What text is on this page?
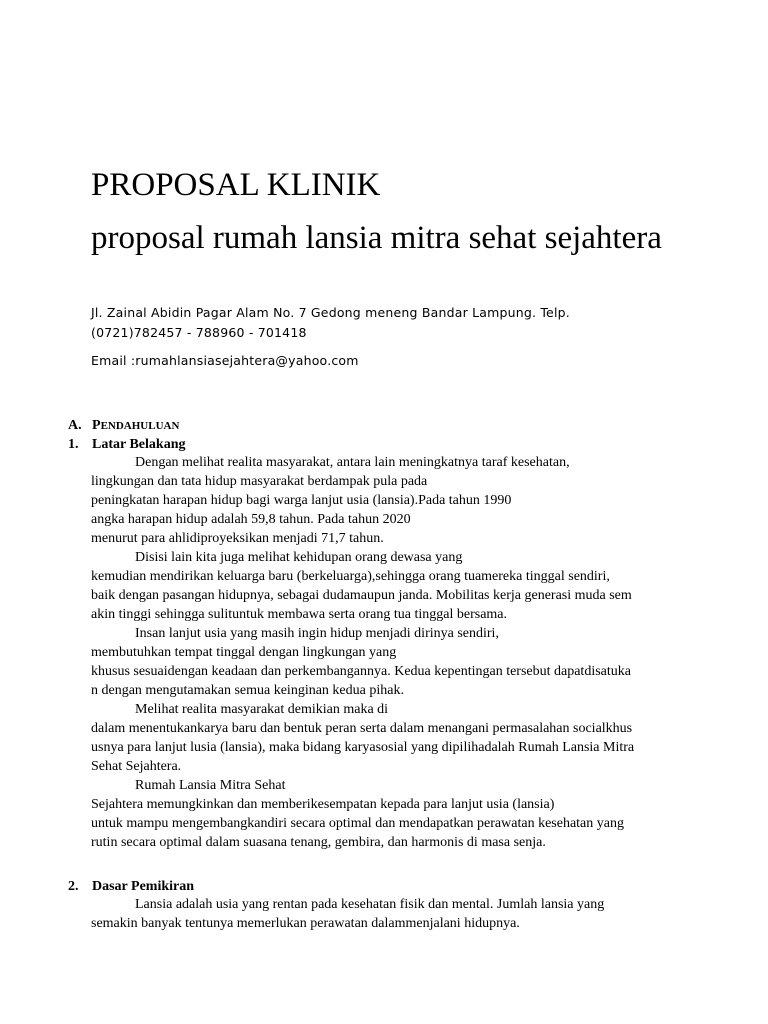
PROPOSAL KLINIK
proposal rumah lansia mitra sehat sejahtera
Jl. Zainal Abidin Pagar Alam No. 7 Gedong meneng Bandar Lampung. Telp.
(0721)782457 - 788960 - 701418
Email :rumahlansiasejahtera@yahoo.com
A. PENDAHULUAN
1. Latar Belakang
Dengan melihat realita masyarakat, antara lain meningkatnya taraf kesehatan,
lingkungan dan tata hidup masyarakat berdampak pula pada
peningkatan harapan hidup bagi warga lanjut usia (lansia).Pada tahun 1990
angka harapan hidup adalah 59,8 tahun. Pada tahun 2020
menurut para ahlidiproyeksikan menjadi 71,7 tahun.
Disisi lain kita juga melihat kehidupan orang dewasa yang
kemudian mendirikan keluarga baru (berkeluarga),sehingga orang tuamereka tinggal sendiri,
baik dengan pasangan hidupnya, sebagai dudamaupun janda. Mobilitas kerja generasi muda sem
akin tinggi sehingga sulituntuk membawa serta orang tua tinggal bersama.
Insan lanjut usia yang masih ingin hidup menjadi dirinya sendiri,
membutuhkan tempat tinggal dengan lingkungan yang
khusus sesuaidengan keadaan dan perkembangannya. Kedua kepentingan tersebut dapatdisatuka
n dengan mengutamakan semua keinginan kedua pihak.
Melihat realita masyarakat demikian maka di
dalam menentukankarya baru dan bentuk peran serta dalam menangani permasalahan socialkhus
usnya para lanjut lusia (lansia), maka bidang karyasosial yang dipilihadalah Rumah Lansia Mitra
Sehat Sejahtera.
Rumah Lansia Mitra Sehat
Sejahtera memungkinkan dan memberikesempatan kepada para lanjut usia (lansia)
untuk mampu mengembangkandiri secara optimal dan mendapatkan perawatan kesehatan yang
rutin secara optimal dalam suasana tenang, gembira, dan harmonis di masa senja.
2. Dasar Pemikiran
Lansia adalah usia yang rentan pada kesehatan fisik dan mental. Jumlah lansia yang
semakin banyak tentunya memerlukan perawatan dalammenjalani hidupnya.
